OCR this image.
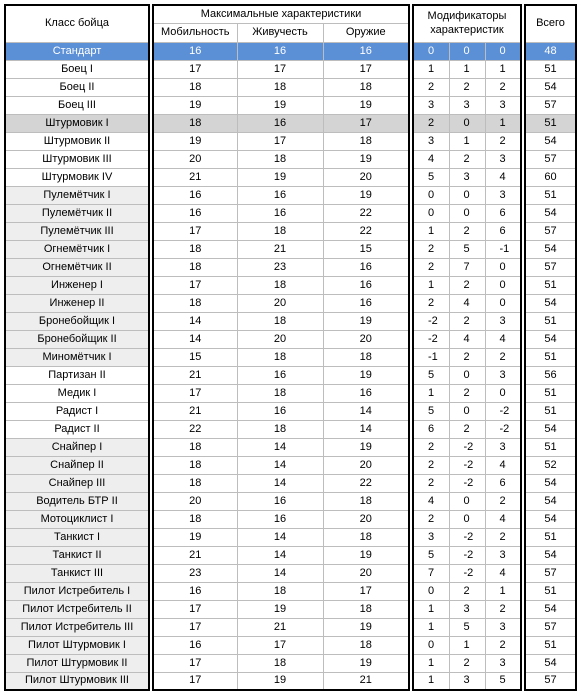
Класс бойца		Максимальные характеристики				Модификаторы характеристик				Всего
		Мобильность	Живучесть	Оружие						
Стандарт		16	16	16		0	0	0		48
Боец I		17	17	17		1	1	1		51
Боец II		18	18	18		2	2	2		54
Боец III		19	19	19		3	3	3		57
Штурмовик I		18	16	17		2	0	1		51
Штурмовик II		19	17	18		3	1	2		54
Штурмовик III		20	18	19		4	2	3		57
Штурмовик IV		21	19	20		5	3	4		60
Пулемётчик I		16	16	19		0	0	3		51
Пулемётчик II		16	16	22		0	0	6		54
Пулемётчик III		17	18	22		1	2	6		57
Огнемётчик I		18	21	15		2	5	-1		54
Огнемётчик II		18	23	16		2	7	0		57
Инженер I		17	18	16		1	2	0		51
Инженер II		18	20	16		2	4	0		54
Бронебойщик I		14	18	19		-2	2	3		51
Бронебойщик II		14	20	20		-2	4	4		54
Миномётчик I		15	18	18		-1	2	2		51
Партизан II		21	16	19		5	0	3		56
Медик I		17	18	16		1	2	0		51
Радист I		21	16	14		5	0	-2		51
Радист II		22	18	14		6	2	-2		54
Снайпер I		18	14	19		2	-2	3		51
Снайпер II		18	14	20		2	-2	4		52
Снайпер III		18	14	22		2	-2	6		54
Водитель БТР II		20	16	18		4	0	2		54
Мотоциклист I		18	16	20		2	0	4		54
Танкист I		19	14	18		3	-2	2		51
Танкист II		21	14	19		5	-2	3		54
Танкист III		23	14	20		7	-2	4		57
Пилот Истребитель I		16	18	17		0	2	1		51
Пилот Истребитель II		17	19	18		1	3	2		54
Пилот Истребитель III		17	21	19		1	5	3		57
Пилот Штурмовик I		16	17	18		0	1	2		51
Пилот Штурмовик II		17	18	19		1	2	3		54
Пилот Штурмовик III		17	19	21		1	3	5		57
